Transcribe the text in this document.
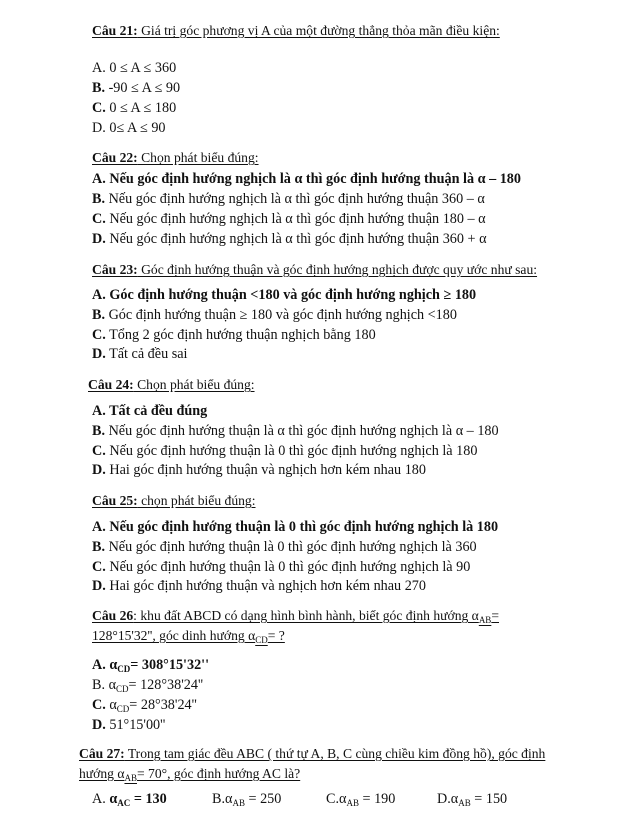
Câu 21: Giá trị góc phương vị A của một đường thẳng thỏa mãn điều kiện:
A. 0 ≤ A ≤ 360
B. -90 ≤ A ≤ 90
C. 0 ≤ A ≤ 180
D. 0≤ A ≤ 90
Câu 22: Chọn phát biểu đúng:
A. Nếu góc định hướng nghịch là α thì góc định hướng thuận là α – 180
B. Nếu góc định hướng nghịch là α thì góc định hướng thuận 360 – α
C. Nếu góc định hướng nghịch là α thì góc định hướng thuận 180 – α
D. Nếu góc định hướng nghịch là α thì góc định hướng thuận 360 + α
Câu 23: Góc định hướng thuận và góc định hướng nghịch được quy ước như sau:
A. Góc định hướng thuận <180 và góc định hướng nghịch ≥ 180
B. Góc định hướng thuận ≥ 180 và góc định hướng nghịch <180
C. Tổng 2 góc định hướng thuận nghịch bằng 180
D. Tất cả đều sai
Câu 24: Chọn phát biểu đúng:
A. Tất cả đều đúng
B. Nếu góc định hướng thuận là α thì góc định hướng nghịch là α – 180
C. Nếu góc định hướng thuận là 0 thì góc định hướng nghịch là 180
D. Hai góc định hướng thuận và nghịch hơn kém nhau 180
Câu 25: chọn phát biểu đúng:
A. Nếu góc định hướng thuận là 0 thì góc định hướng nghịch là 180
B. Nếu góc định hướng thuận là 0 thì góc định hướng nghịch là 360
C. Nếu góc định hướng thuận là 0 thì góc định hướng nghịch là 90
D. Hai góc định hướng thuận và nghịch hơn kém nhau 270
Câu 26: khu đất ABCD có dạng hình bình hành, biết góc định hướng $\alpha_{AB}=$
128°15'32'', góc dinh hướng $\alpha_{CD}=$ ?
A. $\alpha_{CD}= 308^\circ 15'32''$
B. $\alpha_{CD}= 128^\circ 38'24''$
C. $\alpha_{CD}= 28^\circ 38'24''$
D. 51°15'00''
Câu 27: Trong tam giác đều ABC ( thứ tự A, B, C cùng chiều kim đồng hồ), góc định
hướng $\alpha_{AB}= 70^\circ$, góc định hướng AC là?
A. $\alpha_{AC} = 130$	$B.\alpha_{AB} = 250$	$C.\alpha_{AB} = 190$	$D.\alpha_{AB} = 150$
